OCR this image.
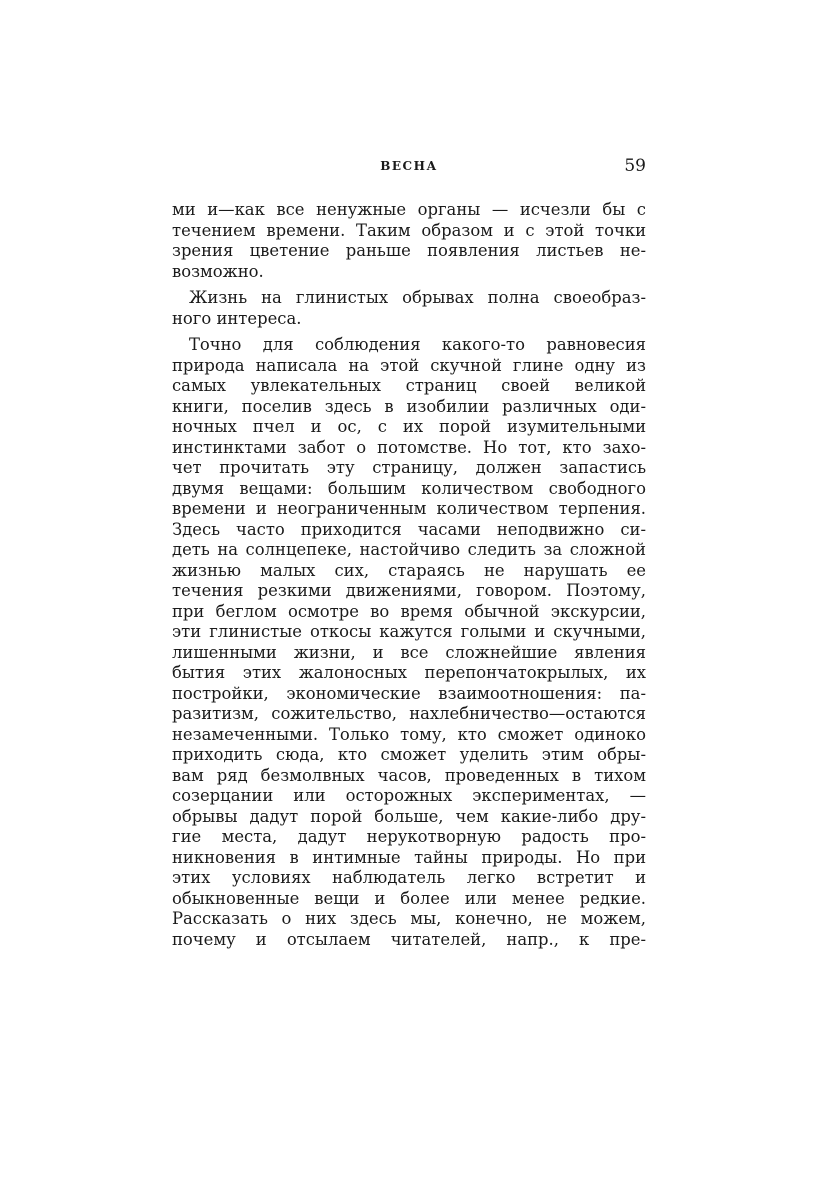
ВЕСНА	59

ми и—как все ненужные органы — исчезли бы с
течением времени. Таким образом и с этой точки
зрения цветение раньше появления листьев не-
возможно.

Жизнь на глинистых обрывах полна своеобраз-
ного интереса.

Точно для соблюдения какого-то равновесия
природа написала на этой скучной глине одну из
самых увлекательных страниц своей великой
книги, поселив здесь в изобилии различных оди-
ночных пчел и ос, с их порой изумительными
инстинктами забот о потомстве. Но тот, кто захо-
чет прочитать эту страницу, должен запастись
двумя вещами: большим количеством свободного
времени и неограниченным количеством терпения.
Здесь часто приходится часами неподвижно си-
деть на солнцепеке, настойчиво следить за сложной
жизнью малых сих, стараясь не нарушать ее
течения резкими движениями, говором. Поэтому,
при беглом осмотре во время обычной экскурсии,
эти глинистые откосы кажутся голыми и скучными,
лишенными жизни, и все сложнейшие явления
бытия этих жалоносных перепончатокрылых, их
постройки, экономические взаимоотношения: па-
разитизм, сожительство, нахлебничество—остаются
незамеченными. Только тому, кто сможет одиноко
приходить сюда, кто сможет уделить этим обры-
вам ряд безмолвных часов, проведенных в тихом
созерцании или осторожных экспериментах, —
обрывы дадут порой больше, чем какие-либо дру-
гие места, дадут нерукотворную радость про-
никновения в интимные тайны природы. Но при
этих условиях наблюдатель легко встретит и
обыкновенные вещи и более или менее редкие.
Рассказать о них здесь мы, конечно, не можем,
почему и отсылаем читателей, напр., к пре-
